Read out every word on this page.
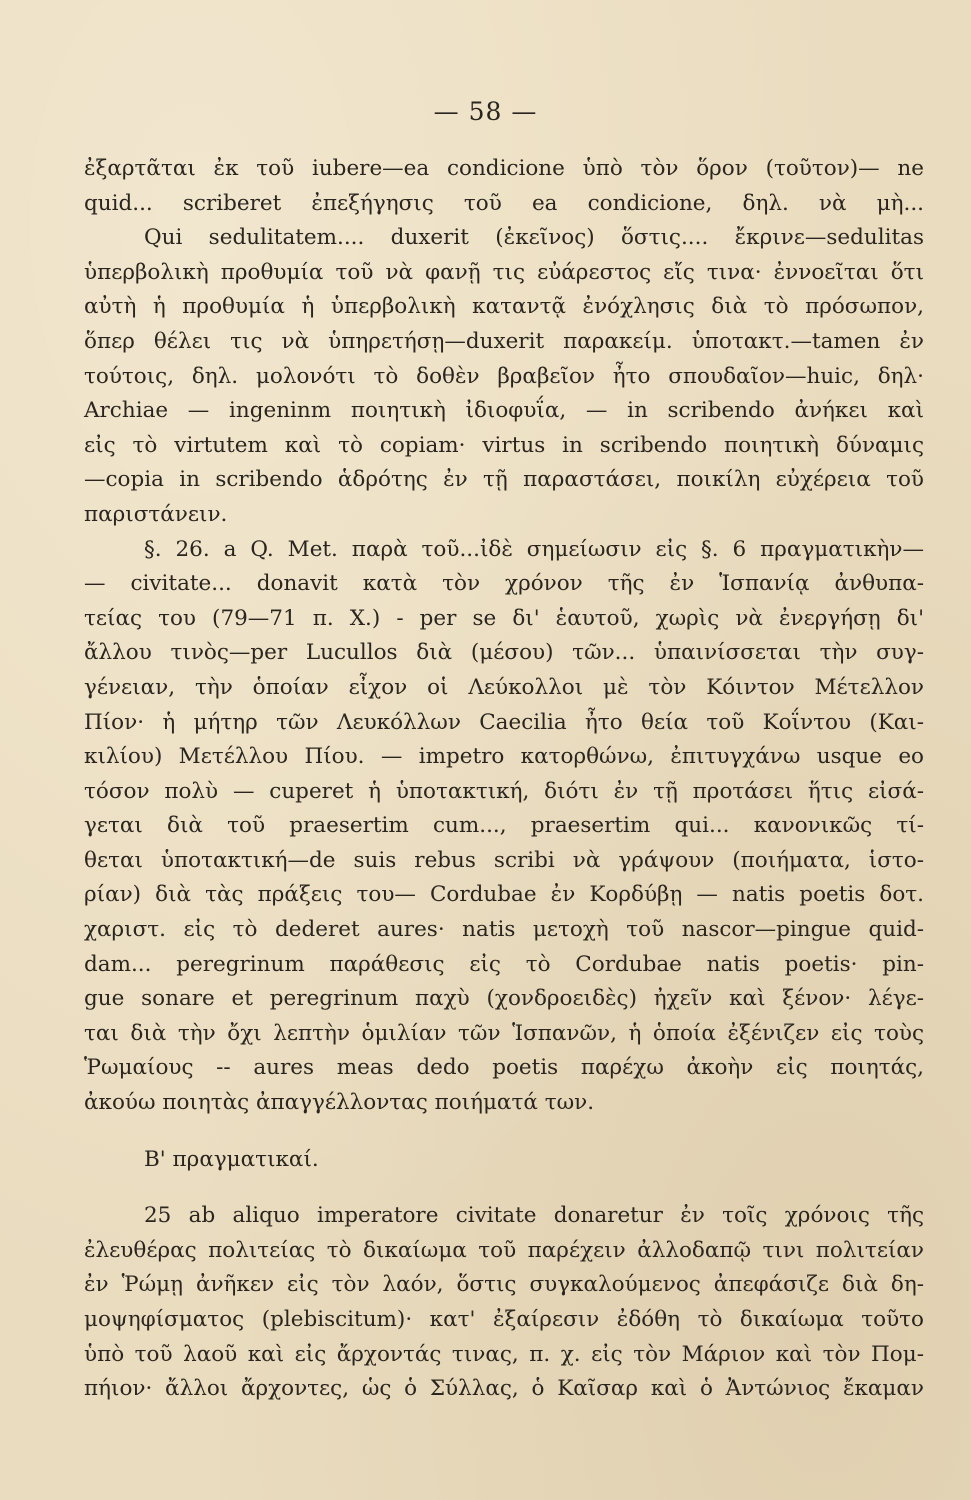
— 58 —
ἐξαρτᾶται ἐκ τοῦ iubere—ea condicione ὑπὸ τὸν ὅρον (τοῦτον)— ne
quid... scriberet ἐπεξήγησις τοῦ ea condicione, δηλ. νὰ μὴ...
Qui sedulitatem.... duxerit (ἐκεῖνος) ὅστις.... ἔκρινε—sedulitas
ὑπερβολικὴ προθυμία τοῦ νὰ φανῇ τις εὐάρεστος εἴς τινα· ἐννοεῖται ὅτι
αὐτὴ ἡ προθυμία ἡ ὑπερβολικὴ καταντᾷ ἐνόχλησις διὰ τὸ πρόσωπον,
ὅπερ θέλει τις νὰ ὑπηρετήσῃ—duxerit παρακείμ. ὑποτακτ.—tamen ἐν
τούτοις, δηλ. μολονότι τὸ δοθὲν βραβεῖον ἦτο σπουδαῖον—huic, δηλ·
Archiae — ingeninm ποιητικὴ ἰδιοφυΐα, — in scribendo ἀνήκει καὶ
εἰς τὸ virtutem καὶ τὸ copiam· virtus in scribendo ποιητικὴ δύναμις
—copia in scribendo ἁδρότης ἐν τῇ παραστάσει, ποικίλη εὐχέρεια τοῦ
παριστάνειν.
§. 26. a Q. Met. παρὰ τοῦ...ἰδὲ σημείωσιν εἰς §. 6 πραγματικὴν—
— civitate... donavit κατὰ τὸν χρόνον τῆς ἐν Ἱσπανίᾳ ἀνθυπα-
τείας του (79—71 π. Χ.) - per se δι' ἑαυτοῦ, χωρὶς νὰ ἐνεργήσῃ δι'
ἄλλου τινὸς—per Lucullos διὰ (μέσου) τῶν... ὑπαινίσσεται τὴν συγ-
γένειαν, τὴν ὁποίαν εἶχον οἱ Λεύκολλοι μὲ τὸν Κόιντον Μέτελλον
Πίον· ἡ μήτηρ τῶν Λευκόλλων Caecilia ἦτο θεία τοῦ Κοΐντου (Και-
κιλίου) Μετέλλου Πίου. — impetro κατορθώνω, ἐπιτυγχάνω usque eo
τόσον πολὺ — cuperet ἡ ὑποτακτική, διότι ἐν τῇ προτάσει ἥτις εἰσά-
γεται διὰ τοῦ praesertim cum..., praesertim qui... κανονικῶς τί-
θεται ὑποτακτική—de suis rebus scribi νὰ γράψουν (ποιήματα, ἱστο-
ρίαν) διὰ τὰς πράξεις του— Cordubae ἐν Κορδύβῃ — natis poetis δοτ.
χαριστ. εἰς τὸ dederet aures· natis μετοχὴ τοῦ nascor—pingue quid-
dam... peregrinum παράθεσις εἰς τὸ Cordubae natis poetis· pin-
gue sonare et peregrinum παχὺ (χονδροειδὲς) ἠχεῖν καὶ ξένον· λέγε-
ται διὰ τὴν ὄχι λεπτὴν ὁμιλίαν τῶν Ἱσπανῶν, ἡ ὁποία ἐξένιζεν εἰς τοὺς
Ῥωμαίους -- aures meas dedo poetis παρέχω ἀκοὴν εἰς ποιητάς,
ἀκούω ποιητὰς ἀπαγγέλλοντας ποιήματά των.
Β' πραγματικαί.
25 ab aliquo imperatore civitate donaretur ἐν τοῖς χρόνοις τῆς
ἐλευθέρας πολιτείας τὸ δικαίωμα τοῦ παρέχειν ἀλλοδαπῷ τινι πολιτείαν
ἐν Ῥώμῃ ἀνῆκεν εἰς τὸν λαόν, ὅστις συγκαλούμενος ἀπεφάσιζε διὰ δη-
μοψηφίσματος (plebiscitum)· κατ' ἐξαίρεσιν ἐδόθη τὸ δικαίωμα τοῦτο
ὑπὸ τοῦ λαοῦ καὶ εἰς ἄρχοντάς τινας, π. χ. εἰς τὸν Μάριον καὶ τὸν Πομ-
πήιον· ἄλλοι ἄρχοντες, ὡς ὁ Σύλλας, ὁ Καῖσαρ καὶ ὁ Ἀντώνιος ἔκαμαν
